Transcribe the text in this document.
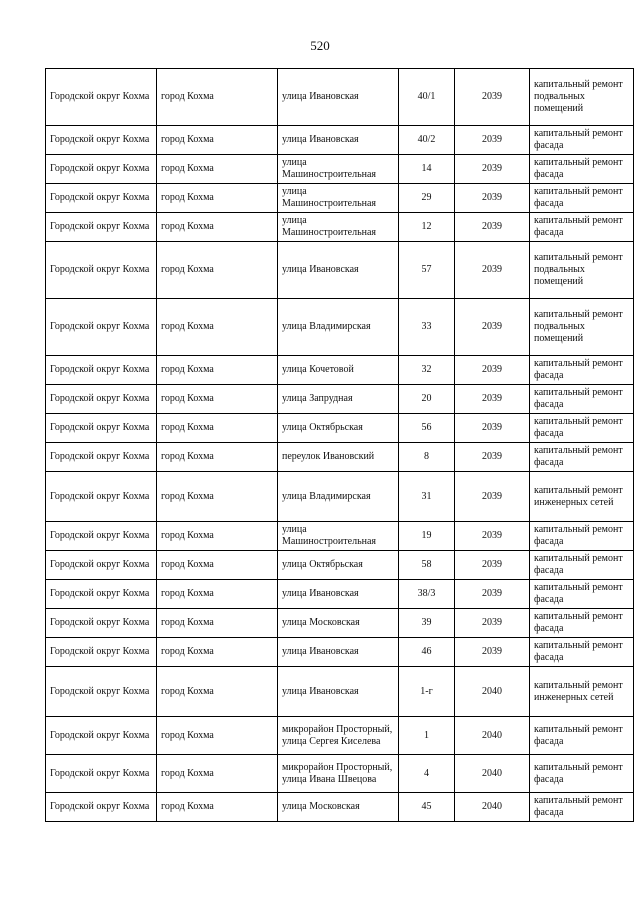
520
Городской округ Кохма	город Кохма	улица Ивановская	40/1	2039	капитальный ремонт подвальных помещений
Городской округ Кохма	город Кохма	улица Ивановская	40/2	2039	капитальный ремонт фасада
Городской округ Кохма	город Кохма	улица Машиностроительная	14	2039	капитальный ремонт фасада
Городской округ Кохма	город Кохма	улица Машиностроительная	29	2039	капитальный ремонт фасада
Городской округ Кохма	город Кохма	улица Машиностроительная	12	2039	капитальный ремонт фасада
Городской округ Кохма	город Кохма	улица Ивановская	57	2039	капитальный ремонт подвальных помещений
Городской округ Кохма	город Кохма	улица Владимирская	33	2039	капитальный ремонт подвальных помещений
Городской округ Кохма	город Кохма	улица Кочетовой	32	2039	капитальный ремонт фасада
Городской округ Кохма	город Кохма	улица Запрудная	20	2039	капитальный ремонт фасада
Городской округ Кохма	город Кохма	улица Октябрьская	56	2039	капитальный ремонт фасада
Городской округ Кохма	город Кохма	переулок Ивановский	8	2039	капитальный ремонт фасада
Городской округ Кохма	город Кохма	улица Владимирская	31	2039	капитальный ремонт инженерных сетей
Городской округ Кохма	город Кохма	улица Машиностроительная	19	2039	капитальный ремонт фасада
Городской округ Кохма	город Кохма	улица Октябрьская	58	2039	капитальный ремонт фасада
Городской округ Кохма	город Кохма	улица Ивановская	38/3	2039	капитальный ремонт фасада
Городской округ Кохма	город Кохма	улица Московская	39	2039	капитальный ремонт фасада
Городской округ Кохма	город Кохма	улица Ивановская	46	2039	капитальный ремонт фасада
Городской округ Кохма	город Кохма	улица Ивановская	1-г	2040	капитальный ремонт инженерных сетей
Городской округ Кохма	город Кохма	микрорайон Просторный, улица Сергея Киселева	1	2040	капитальный ремонт фасада
Городской округ Кохма	город Кохма	микрорайон Просторный, улица Ивана Швецова	4	2040	капитальный ремонт фасада
Городской округ Кохма	город Кохма	улица Московская	45	2040	капитальный ремонт фасада
